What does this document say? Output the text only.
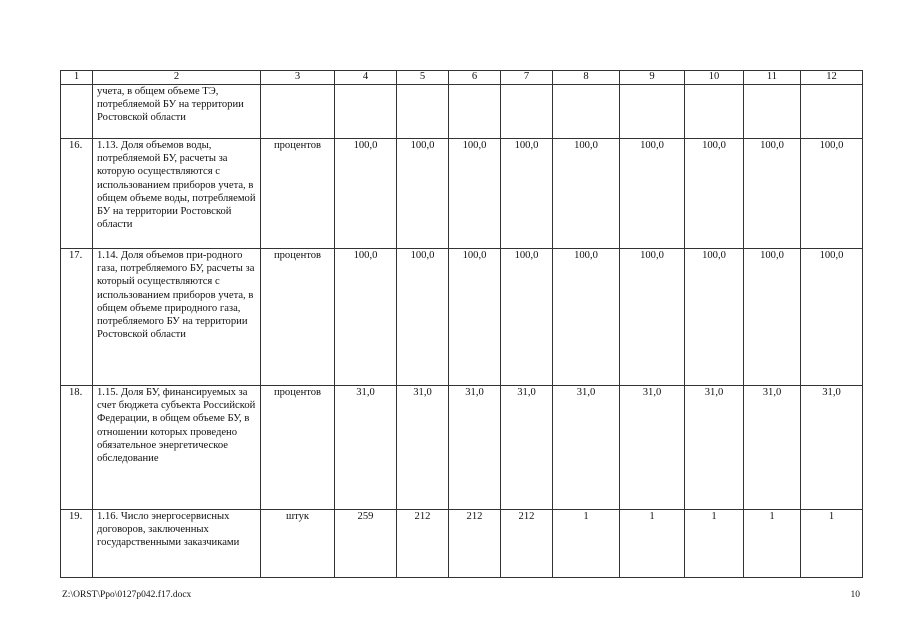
1	2	3	4	5	6	7	8	9	10	11	12
	учета, в общем объеме ТЭ, потребляемой БУ на территории Ростовской области										
16.	1.13. Доля объемов воды, потребляемой БУ, расчеты за которую осуществляются с использованием приборов учета, в общем объеме воды, потребляемой БУ на территории Ростовской области	процентов	100,0	100,0	100,0	100,0	100,0	100,0	100,0	100,0	100,0
17.	1.14. Доля объемов при-родного газа, потребляемого БУ, расчеты за который осуществляются с использованием приборов учета, в общем объеме природного газа, потребляемого БУ на территории Ростовской области	процентов	100,0	100,0	100,0	100,0	100,0	100,0	100,0	100,0	100,0
18.	1.15. Доля БУ, финансируемых за счет бюджета субъекта Российской Федерации, в общем объеме БУ, в отношении которых проведено обязательное энергетическое обследование	процентов	31,0	31,0	31,0	31,0	31,0	31,0	31,0	31,0	31,0
19.	1.16. Число энергосервисных договоров, заключенных государственными заказчиками	штук	259	212	212	212	1	1	1	1	1
Z:\ORST\Ppo\0127p042.f17.docx	10
